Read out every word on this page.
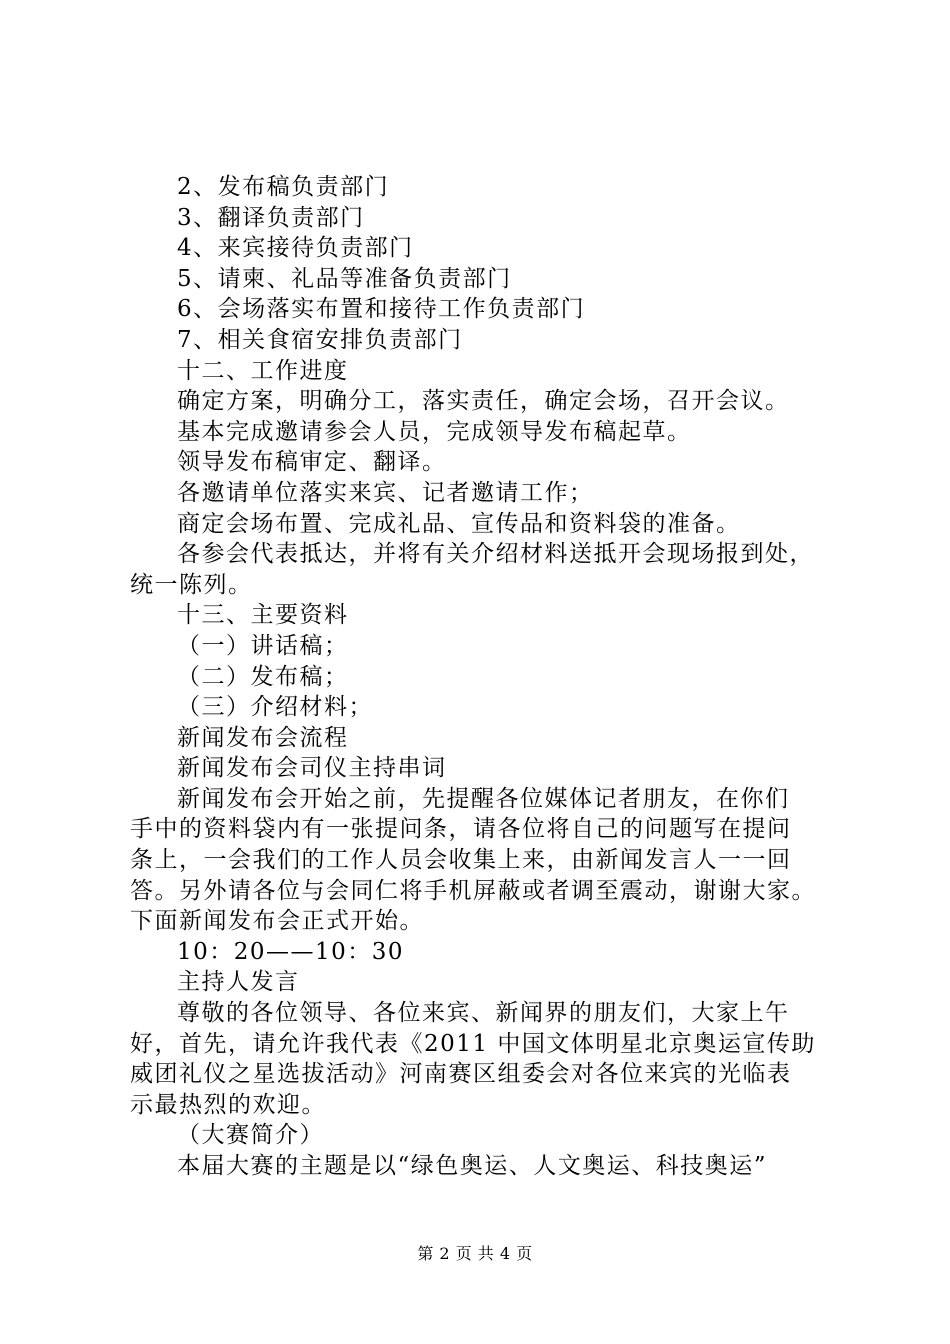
2、发布稿负责部门
3、翻译负责部门
4、来宾接待负责部门
5、请柬、礼品等准备负责部门
6、会场落实布置和接待工作负责部门
7、相关食宿安排负责部门
十二、工作进度
确定方案，明确分工，落实责任，确定会场，召开会议。
基本完成邀请参会人员，完成领导发布稿起草。
领导发布稿审定、翻译。
各邀请单位落实来宾、记者邀请工作；
商定会场布置、完成礼品、宣传品和资料袋的准备。
各参会代表抵达，并将有关介绍材料送抵开会现场报到处，
统一陈列。
十三、主要资料
（一）讲话稿；
（二）发布稿；
（三）介绍材料；
新闻发布会流程
新闻发布会司仪主持串词
新闻发布会开始之前，先提醒各位媒体记者朋友，在你们
手中的资料袋内有一张提问条，请各位将自己的问题写在提问
条上，一会我们的工作人员会收集上来，由新闻发言人一一回
答。另外请各位与会同仁将手机屏蔽或者调至震动，谢谢大家。
下面新闻发布会正式开始。
10：20——10：30
主持人发言
尊敬的各位领导、各位来宾、新闻界的朋友们，大家上午
好，首先，请允许我代表《2011 中国文体明星北京奥运宣传助
威团礼仪之星选拔活动》河南赛区组委会对各位来宾的光临表
示最热烈的欢迎。
（大赛简介）
本届大赛的主题是以“绿色奥运、人文奥运、科技奥运”
第 2 页 共 4 页
